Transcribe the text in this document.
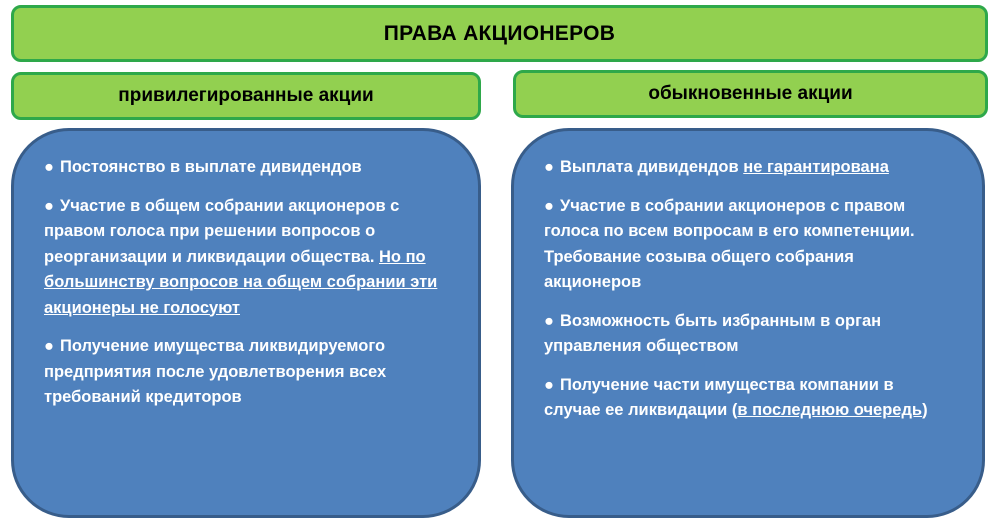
ПРАВА АКЦИОНЕРОВ
привилегированные акции	обыкновенные акции
● Постоянство в выплате дивидендов
● Участие в общем собрании акционеров с правом голоса при решении вопросов о реорганизации и ликвидации общества. Но по большинству вопросов на общем собрании эти акционеры не голосуют
● Получение имущества ликвидируемого предприятия после удовлетворения всех требований кредиторов
● Выплата дивидендов не гарантирована
● Участие в собрании акционеров с правом голоса по всем вопросам в его компетенции. Требование созыва общего собрания акционеров
● Возможность быть избранным в орган управления обществом
● Получение части имущества компании в случае ее ликвидации (в последнюю очередь)
